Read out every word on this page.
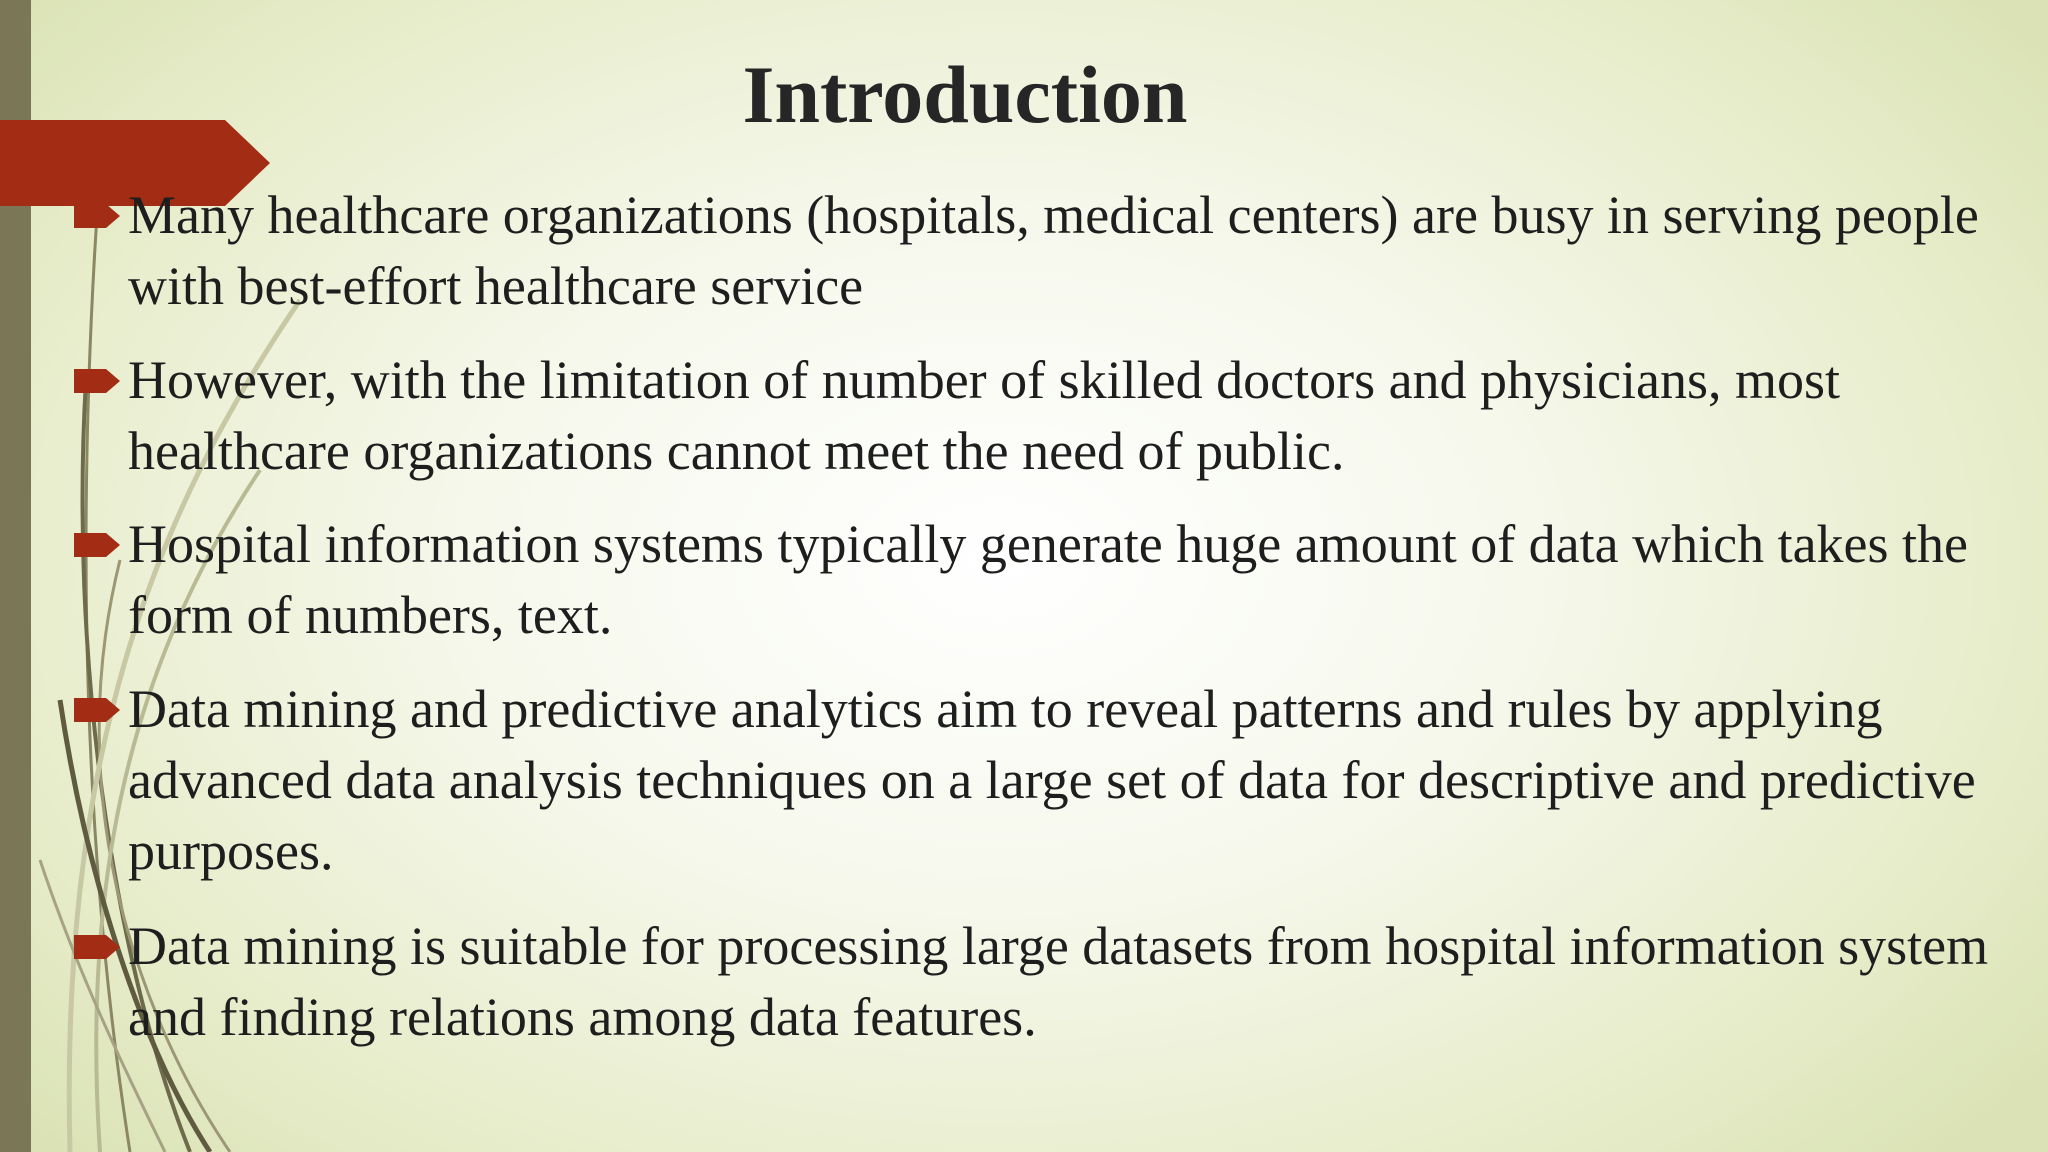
Introduction
Many healthcare organizations (hospitals, medical centers) are busy in serving people with best-effort healthcare service
However, with the limitation of number of skilled doctors and physicians, most healthcare organizations cannot meet the need of public.
Hospital information systems typically generate huge amount of data which takes the form of numbers, text.
Data mining and predictive analytics aim to reveal patterns and rules by applying advanced data analysis techniques on a large set of data for descriptive and predictive purposes.
Data mining is suitable for processing large datasets from hospital information system and finding relations among data features.
